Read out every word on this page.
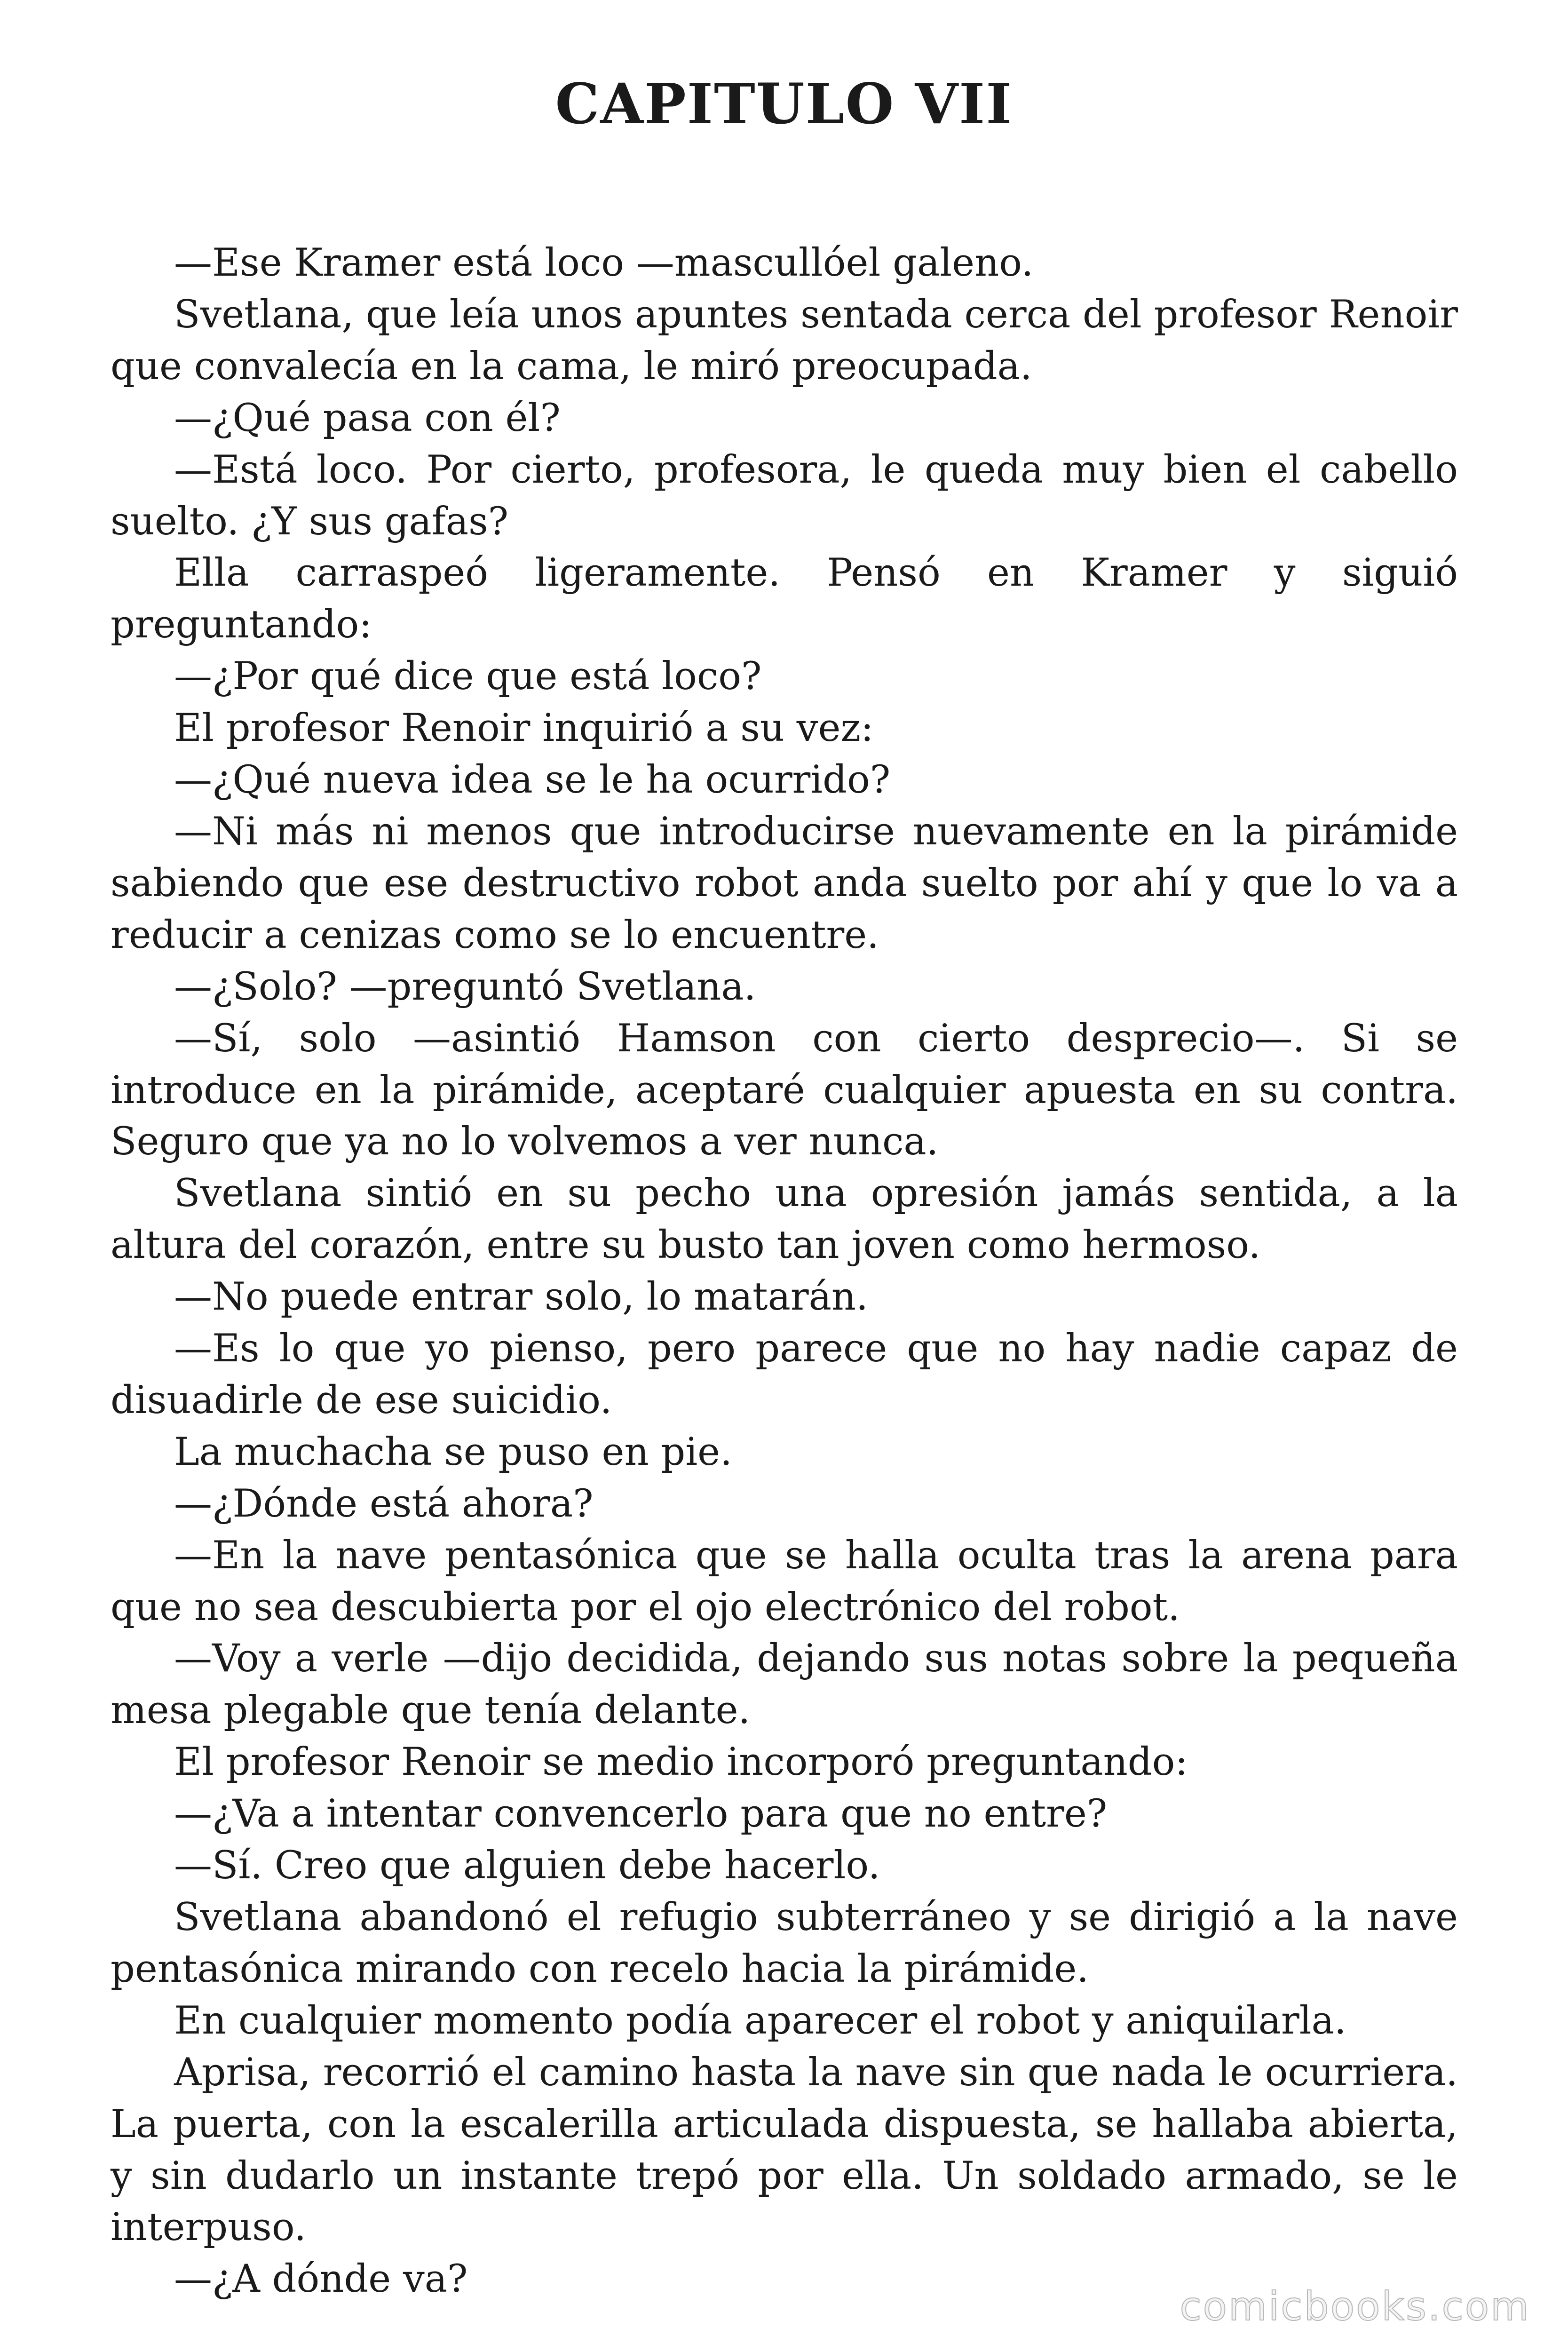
CAPITULO VII

—Ese Kramer está loco —mascullóel galeno.

Svetlana, que leía unos apuntes sentada cerca del profesor Renoir que convalecía en la cama, le miró preocupada.

—¿Qué pasa con él?

—Está loco. Por cierto, profesora, le queda muy bien el cabello suelto. ¿Y sus gafas?

Ella carraspeó ligeramente. Pensó en Kramer y siguió preguntando:

—¿Por qué dice que está loco?

El profesor Renoir inquirió a su vez:

—¿Qué nueva idea se le ha ocurrido?

—Ni más ni menos que introducirse nuevamente en la pirámide sabiendo que ese destructivo robot anda suelto por ahí y que lo va a reducir a cenizas como se lo encuentre.

—¿Solo? —preguntó Svetlana.

—Sí, solo —asintió Hamson con cierto desprecio—. Si se introduce en la pirámide, aceptaré cualquier apuesta en su contra. Seguro que ya no lo volvemos a ver nunca.

Svetlana sintió en su pecho una opresión jamás sentida, a la altura del corazón, entre su busto tan joven como hermoso.

—No puede entrar solo, lo matarán.

—Es lo que yo pienso, pero parece que no hay nadie capaz de disuadirle de ese suicidio.

La muchacha se puso en pie.

—¿Dónde está ahora?

—En la nave pentasónica que se halla oculta tras la arena para que no sea descubierta por el ojo electrónico del robot.

—Voy a verle —dijo decidida, dejando sus notas sobre la pequeña mesa plegable que tenía delante.

El profesor Renoir se medio incorporó preguntando:

—¿Va a intentar convencerlo para que no entre?

—Sí. Creo que alguien debe hacerlo.

Svetlana abandonó el refugio subterráneo y se dirigió a la nave pentasónica mirando con recelo hacia la pirámide.

En cualquier momento podía aparecer el robot y aniquilarla.

Aprisa, recorrió el camino hasta la nave sin que nada le ocurriera. La puerta, con la escalerilla articulada dispuesta, se hallaba abierta, y sin dudarlo un instante trepó por ella. Un soldado armado, se le interpuso.

—¿A dónde va?

comicbooks.com
